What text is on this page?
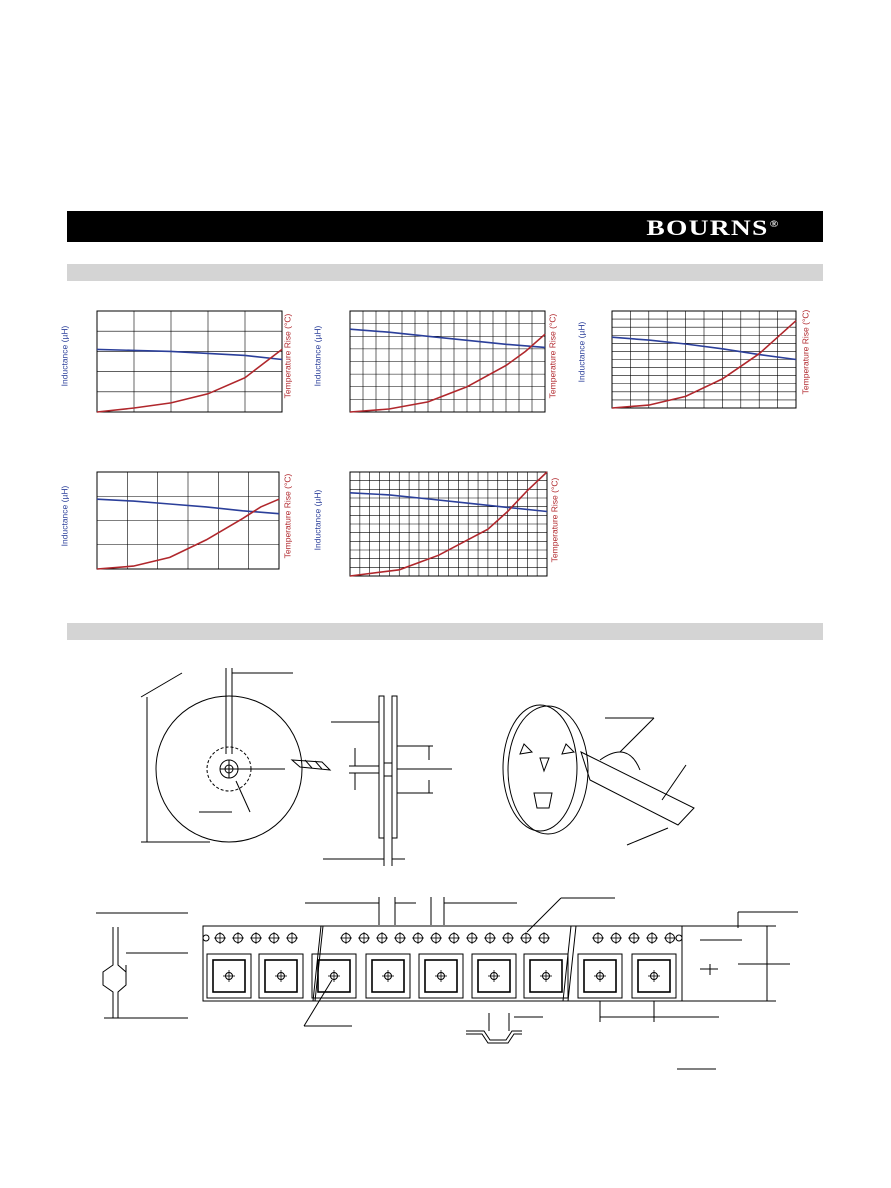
BOURNS®
Inductance (µH)	Temperature Rise (°C) Inductance (µH)	Temperature Rise (°C) Inductance (µH)	Temperature Rise (°C)
Inductance (µH)	Temperature Rise (°C) Inductance (µH)	Temperature Rise (°C)
